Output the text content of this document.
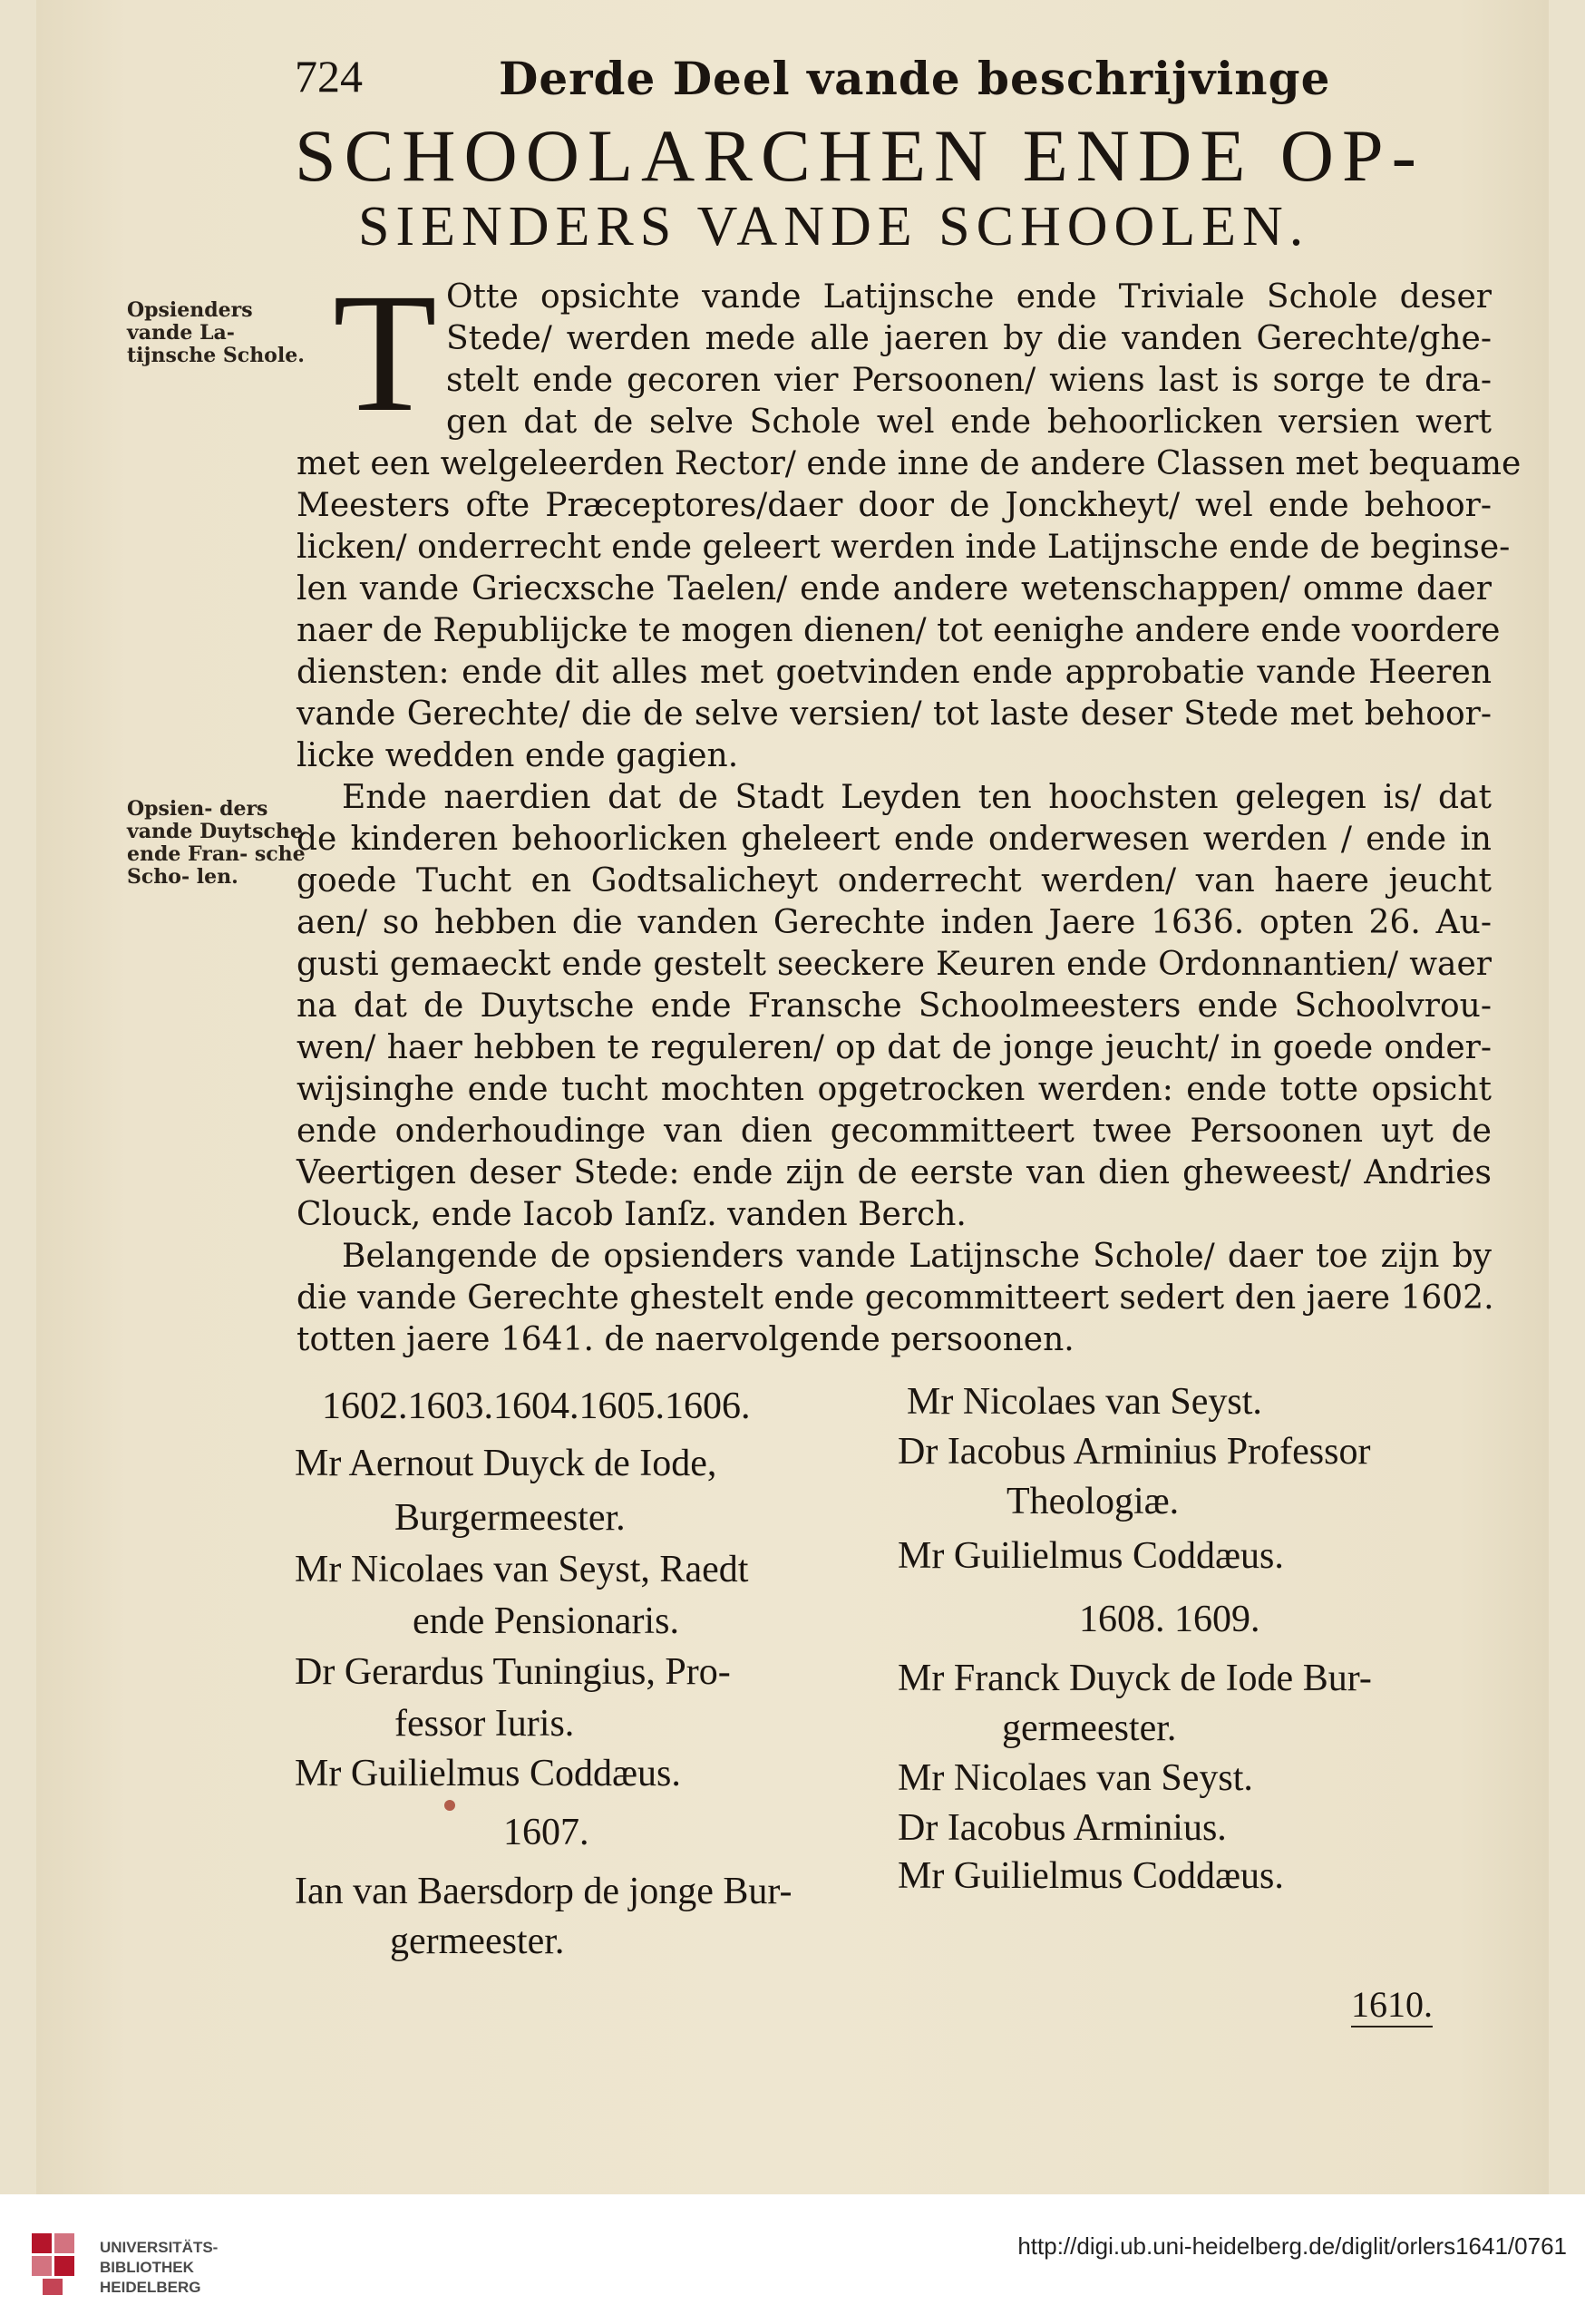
724	Derde Deel vande beschrijvinge
SCHOOLARCHEN ENDE OP-
SIENDERS VANDE SCHOOLEN.
Opsienders vande La- tijnsche Schole.
Opsien- ders vande Duytsche ende Fran- sche Scho- len.
T Otte opsichte vande Latijnsche ende Triviale Schole deser
Stede/ werden mede alle jaeren by die vanden Gerechte/ghe-
stelt ende gecoren vier Persoonen/ wiens last is sorge te dra-
gen dat de selve Schole wel ende behoorlicken versien wert
met een welgeleerden Rector/ ende inne de andere Classen met bequame
Meesters ofte Præceptores/daer door de Jonckheyt/ wel ende behoor-
licken/ onderrecht ende geleert werden inde Latijnsche ende de beginse-
len vande Griecxsche Taelen/ ende andere wetenschappen/ omme daer
naer de Republijcke te mogen dienen/ tot eenighe andere ende voordere
diensten: ende dit alles met goetvinden ende approbatie vande Heeren
vande Gerechte/ die de selve versien/ tot laste deser Stede met behoor-
licke wedden ende gagien.
Ende naerdien dat de Stadt Leyden ten hoochsten gelegen is/ dat
de kinderen behoorlicken gheleert ende onderwesen werden / ende in
goede Tucht en Godtsalicheyt onderrecht werden/ van haere jeucht
aen/ so hebben die vanden Gerechte inden Jaere 1636. opten 26. Au-
gusti gemaeckt ende gestelt seeckere Keuren ende Ordonnantien/ waer
na dat de Duytsche ende Fransche Schoolmeesters ende Schoolvrou-
wen/ haer hebben te reguleren/ op dat de jonge jeucht/ in goede onder-
wijsinghe ende tucht mochten opgetrocken werden: ende totte opsicht
ende onderhoudinge van dien gecommitteert twee Persoonen uyt de
Veertigen deser Stede: ende zijn de eerste van dien gheweest/ Andries
Clouck, ende Iacob Ianſz. vanden Berch.
Belangende de opsienders vande Latijnsche Schole/ daer toe zijn by
die vande Gerechte ghestelt ende gecommitteert sedert den jaere 1602.
totten jaere 1641. de naervolgende persoonen.
1602.1603.1604.1605.1606.
Mr Aernout Duyck de Iode,
Burgermeester.
Mr Nicolaes van Seyst, Raedt
ende Pensionaris.
Dr Gerardus Tuningius, Pro-
fessor Iuris.
Mr Guilielmus Coddæus.
1607.
Ian van Baersdorp de jonge Bur-
germeester.
Mr Nicolaes van Seyst.
Dr Iacobus Arminius Professor
Theologiæ.
Mr Guilielmus Coddæus.
1608. 1609.
Mr Franck Duyck de Iode Bur-
germeester.
Mr Nicolaes van Seyst.
Dr Iacobus Arminius.
Mr Guilielmus Coddæus.
1610.
UNIVERSITÄTS-
BIBLIOTHEK
HEIDELBERG
http://digi.ub.uni-heidelberg.de/diglit/orlers1641/0761
